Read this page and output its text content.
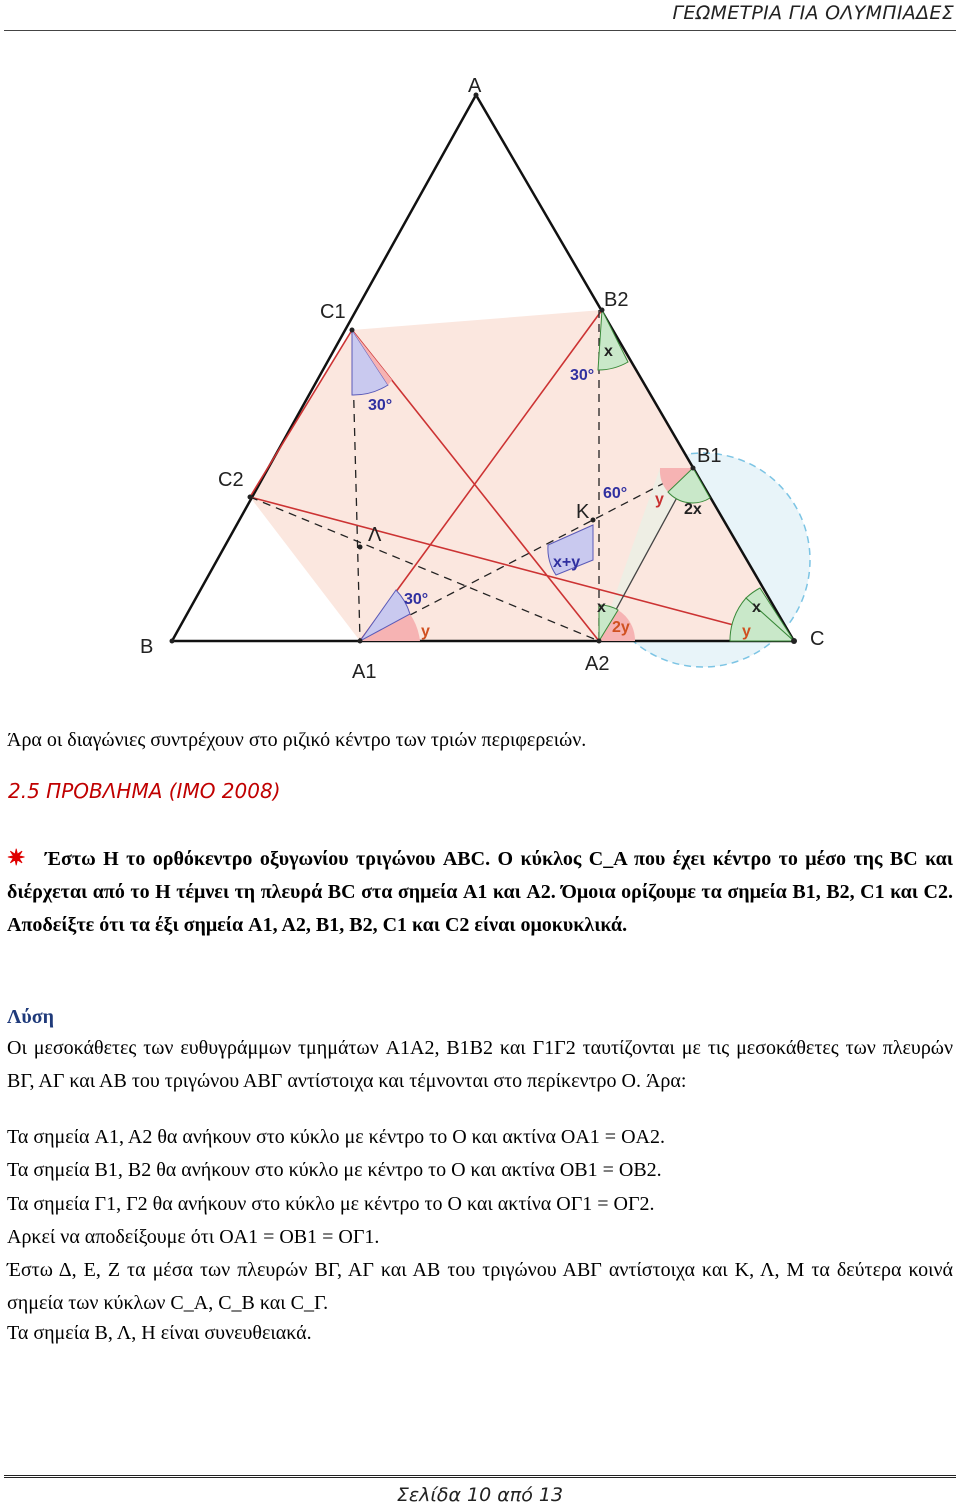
ΓΕΩΜΕΤΡΙΑ ΓΙΑ ΟΛΥΜΠΙΑΔΕΣ
A
B	C
C1
B2
B1
C2
A1	A2
K
Λ
30°
x
30°
60° y
2x
x+y
30°
y
x
2y
x
y
Άρα οι διαγώνιες συντρέχουν στο ριζικό κέντρο των τριών περιφερειών.
2.5 ΠΡΟΒΛΗΜΑ (IMO 2008)
✷ Έστω H το ορθόκεντρο οξυγωνίου τριγώνου ABC. Ο κύκλος C_A που έχει κέντρο το μέσο της BC και διέρχεται από το H τέμνει τη πλευρά BC στα σημεία A1 και A2. Όμοια ορίζουμε τα σημεία B1, B2, C1 και C2. Αποδείξτε ότι τα έξι σημεία A1, A2, B1, B2, C1 και C2 είναι ομοκυκλικά.
Λύση
Οι μεσοκάθετες των ευθυγράμμων τμημάτων A1A2, B1B2 και Γ1Γ2 ταυτίζονται με τις μεσοκάθετες των πλευρών ΒΓ, ΑΓ και ΑΒ του τριγώνου ΑΒΓ αντίστοιχα και τέμνονται στο περίκεντρο O. Άρα:
Τα σημεία A1, A2 θα ανήκουν στο κύκλο με κέντρο το O και ακτίνα OA1 = OA2.
Τα σημεία B1, B2 θα ανήκουν στο κύκλο με κέντρο το O και ακτίνα OB1 = OB2.
Τα σημεία Γ1, Γ2 θα ανήκουν στο κύκλο με κέντρο το O και ακτίνα OΓ1 = OΓ2.
Αρκεί να αποδείξουμε ότι OA1 = OB1 = OΓ1.
Έστω Δ, Ε, Ζ τα μέσα των πλευρών ΒΓ, ΑΓ και ΑΒ του τριγώνου ΑΒΓ αντίστοιχα και Κ, Λ, Μ τα δεύτερα κοινά σημεία των κύκλων C_A, C_B και C_Γ.
Τα σημεία Β, Λ, Η είναι συνευθειακά.
Σελίδα 10 από 13
